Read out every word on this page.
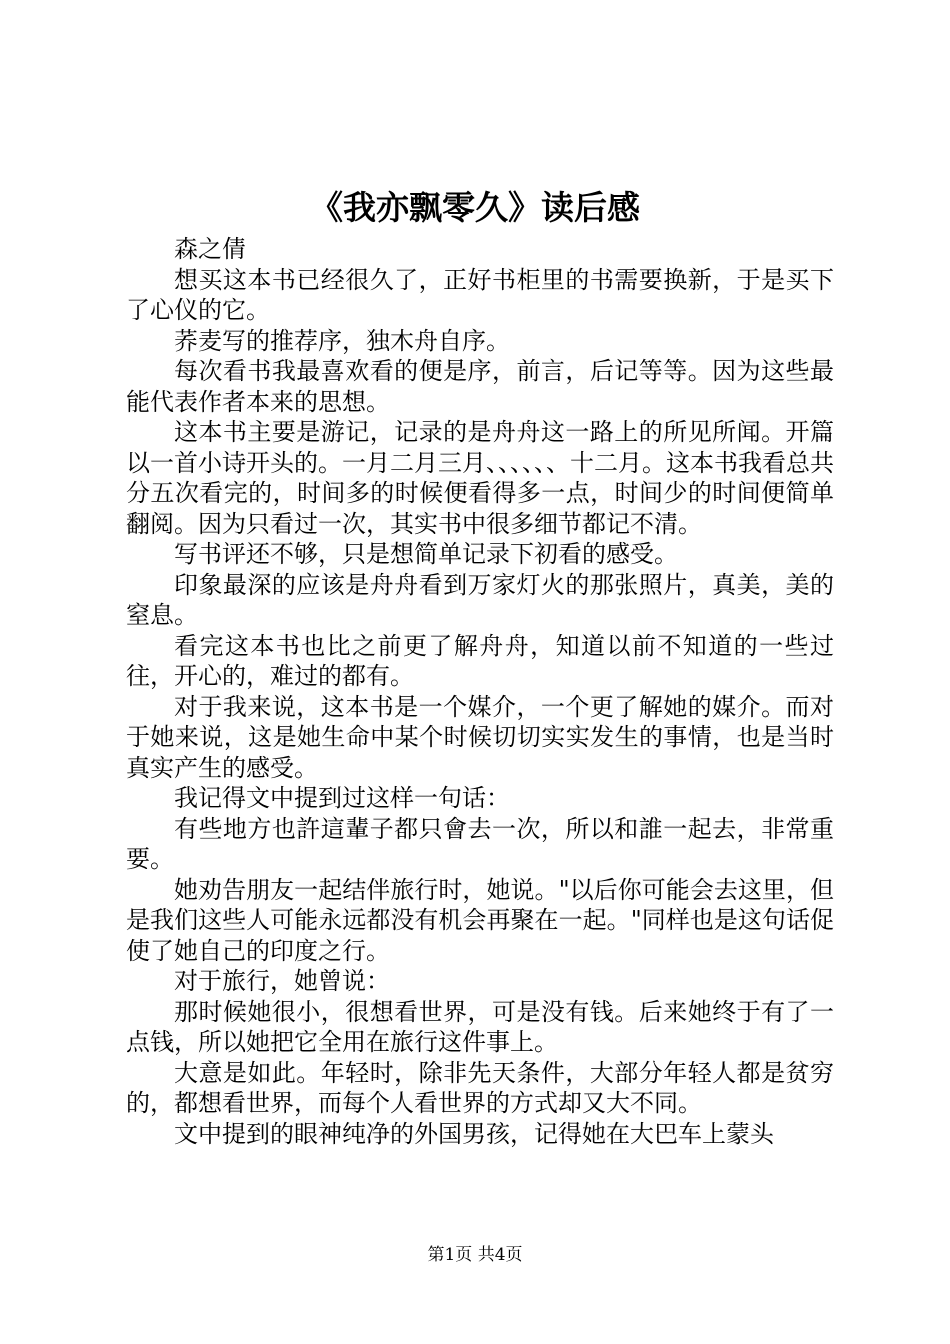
《我亦飘零久》读后感

森之倩

想买这本书已经很久了，正好书柜里的书需要换新，于是买下了心仪的它。

荞麦写的推荐序，独木舟自序。

每次看书我最喜欢看的便是序，前言，后记等等。因为这些最能代表作者本来的思想。

这本书主要是游记，记录的是舟舟这一路上的所见所闻。开篇以一首小诗开头的。一月二月三月、、、、、、十二月。这本书我看总共分五次看完的，时间多的时候便看得多一点，时间少的时间便简单翻阅。因为只看过一次，其实书中很多细节都记不清。

写书评还不够，只是想简单记录下初看的感受。

印象最深的应该是舟舟看到万家灯火的那张照片，真美，美的窒息。

看完这本书也比之前更了解舟舟，知道以前不知道的一些过往，开心的，难过的都有。

对于我来说，这本书是一个媒介，一个更了解她的媒介。而对于她来说，这是她生命中某个时候切切实实发生的事情，也是当时真实产生的感受。

我记得文中提到过这样一句话：

有些地方也許這輩子都只會去一次，所以和誰一起去，非常重要。

她劝告朋友一起结伴旅行时，她说。"以后你可能会去这里，但是我们这些人可能永远都没有机会再聚在一起。"同样也是这句话促使了她自己的印度之行。

对于旅行，她曾说：

那时候她很小，很想看世界，可是没有钱。后来她终于有了一点钱，所以她把它全用在旅行这件事上。

大意是如此。年轻时，除非先天条件，大部分年轻人都是贫穷的，都想看世界，而每个人看世界的方式却又大不同。

文中提到的眼神纯净的外国男孩，记得她在大巴车上蒙头

第1页 共4页
